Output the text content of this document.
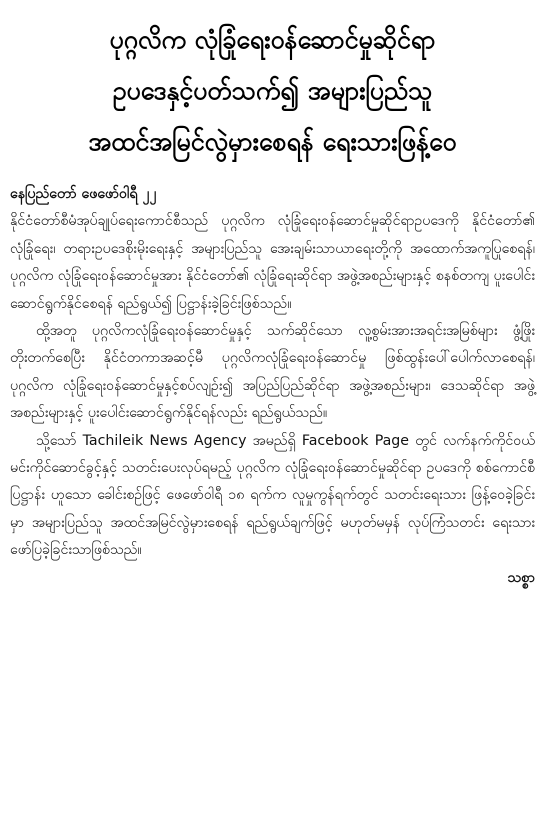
ပုဂ္ဂလိက လုံခြုံရေးဝန်ဆောင်မှုဆိုင်ရာ
ဥပဒေနှင့်ပတ်သက်၍ အများပြည်သူ
အထင်အမြင်လွဲမှားစေရန် ရေးသားဖြန့်ဝေ

နေပြည်တော် ဖေဖော်ဝါရီ ၂၂

နိုင်ငံတော်စီမံအုပ်ချုပ်ရေးကောင်စီသည် ပုဂ္ဂလိက လုံခြုံရေးဝန်ဆောင်မှုဆိုင်ရာဥပဒေကို နိုင်ငံတော်၏ လုံခြုံရေး၊ တရားဥပဒေစိုးမိုးရေးနှင့် အများပြည်သူ အေးချမ်းသာယာရေးတို့ကို အထောက်အကူပြုစေရန်၊ ပုဂ္ဂလိက လုံခြုံရေးဝန်ဆောင်မှုအား နိုင်ငံတော်၏ လုံခြုံရေးဆိုင်ရာ အဖွဲ့အစည်းများနှင့် စနစ်တကျ ပူးပေါင်းဆောင်ရွက်နိုင်စေရန် ရည်ရွယ်၍ ပြဋ္ဌာန်းခဲ့ခြင်းဖြစ်သည်။

ထို့အတူ ပုဂ္ဂလိကလုံခြုံရေးဝန်ဆောင်မှုနှင့် သက်ဆိုင်သော လူ့စွမ်းအားအရင်းအမြစ်များ ဖွံ့ဖြိုးတိုးတက်စေပြီး နိုင်ငံတကာအဆင့်မီ ပုဂ္ဂလိကလုံခြုံရေးဝန်ဆောင်မှု ဖြစ်ထွန်းပေါ်ပေါက်လာစေရန်၊ ပုဂ္ဂလိက လုံခြုံရေးဝန်ဆောင်မှုနှင့်စပ်လျဉ်း၍ အပြည်ပြည်ဆိုင်ရာ အဖွဲ့အစည်းများ၊ ဒေသဆိုင်ရာ အဖွဲ့အစည်းများနှင့် ပူးပေါင်းဆောင်ရွက်နိုင်ရန်လည်း ရည်ရွယ်သည်။

သို့သော် Tachileik News Agency အမည်ရှိ Facebook Page တွင် လက်နက်ကိုင်ဝယ်မင်းကိုင်ဆောင်ခွင့်နှင့် သတင်းပေးလုပ်ရမည့် ပုဂ္ဂလိက လုံခြုံရေးဝန်ဆောင်မှုဆိုင်ရာ ဥပဒေကို စစ်ကောင်စီပြဋ္ဌာန်း ဟူသော ခေါင်းစဉ်ဖြင့် ဖေဖော်ဝါရီ ၁၈ ရက်က လူမှုကွန်ရက်တွင် သတင်းရေးသား ဖြန့်ဝေခဲ့ခြင်းမှာ အများပြည်သူ အထင်အမြင်လွဲမှားစေရန် ရည်ရွယ်ချက်ဖြင့် မဟုတ်မမှန် လုပ်ကြံသတင်း ရေးသားဖော်ပြခဲ့ခြင်းသာဖြစ်သည်။

သစ္စာ
